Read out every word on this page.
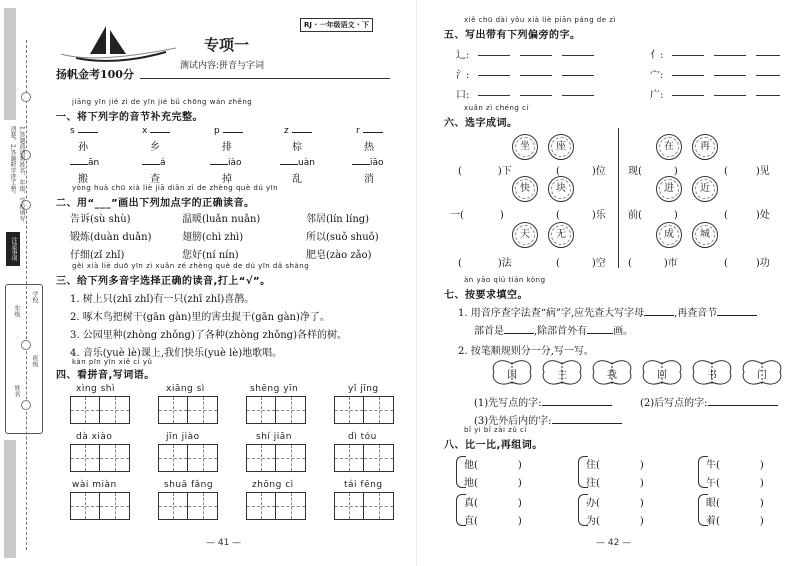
1.答题前请将姓名、年级、学校填写清楚。2.答题时字迹工整。
注意事项
学校
班级
姓名
年级
扬帆金考100分
RJ · 一年级语文 · 下
专项一
测试内容:拼音与字词
jiāng yīn jié zì de yīn jié bǔ chōng wán zhěng
一、将下列字的音节补充完整。
s	x	p	z	r
孙	乡	排	棕	热
ān	á	iào	uàn	iāo
搬	查	掉	乱	消
yòng huà chū xià liè jiā diǎn zì de zhèng què dú yīn
二、用“___”画出下列加点字的正确读音。
告诉(sù shù)	温暖(luǎn nuǎn)	邻居(lín líng)
锻炼(duàn duǎn)	翅膀(chì zhì)	所以(suǒ shuǒ)
仔细(zǐ zhǐ)	您好(ní nín)	肥皂(zào zǎo)
gěi xià liè duō yīn zì xuǎn zé zhèng què de dú yīn dǎ shàng
三、给下列多音字选择正确的读音,打上“√”。
1. 树上只(zhī zhǐ)有一只(zhī zhǐ)喜鹊。
2. 啄木鸟把树干(gān gàn)里的害虫捉干(gān gàn)净了。
3. 公园里种(zhòng zhǒng)了各种(zhòng zhǒng)各样的树。
4. 音乐(yuè lè)课上,我们快乐(yuè lè)地歌唱。
kàn pīn yīn xiě cí yǔ
四、看拼音,写词语。
xìng shì	xiāng sì	shēng yīn	yǐ jīng
dà xiào	jīn jiào	shí jiān	dì tóu
wài miàn	shuā fǎng	zhōng cì	tái fēng
— 41 —
xiě chū dài yǒu xià liè piān páng de zì
五、写出带有下列偏旁的字。
辶:	亻:
氵:	宀:
口:	广:
xuǎn zì chéng cí
六、选字成词。
坐	座
(	)下	(	)位
快	块
一(	)	(	)乐
天	无
(	)法	(	)空
在	再
现(	)	(	)见
进	近
前(	)	(	)处
成	城
(	)市	(	)功
àn yāo qiú tián kòng
七、按要求填空。
1. 用音序查字法查“病”字,应先查大写字母	,再查音节
部首是	,除部首外有	画。
2. 按笔顺规则分一分,写一写。
国	主	我	回	书	门
(1)先写点的字:	(2)后写点的字:
(3)先外后内的字:
bǐ yi bǐ zài zǔ cí
八、比一比,再组词。
他(	)
地(	)
住(	)
往(	)
牛(	)
午(	)
真(	)
直(	)
办(	)
为(	)
眼(	)
着(	)
— 42 —
